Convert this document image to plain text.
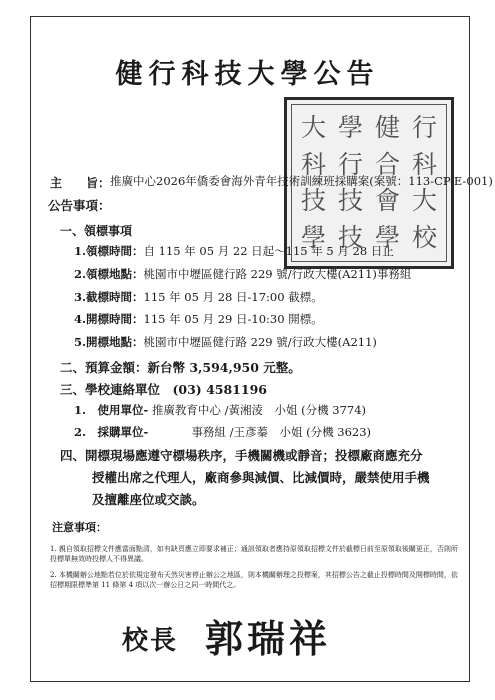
健行科技大學公告
大 學 健 行
科 行 合 科
技 技 會 大
學 技 學 校
主　　旨： 推廣中心2026年僑委會海外青年技術訓練班採購案(案號：113-CP-E-001)
公告事項：
一、領標事項
1.領標時間：自 115 年 05 月 22 日起～115 年 5 月 28 日止
2.領標地點：桃園市中壢區健行路 229 號/行政大樓(A211)事務組
3.截標時間：115 年 05 月 28 日-17:00 截標。
4.開標時間：115 年 05 月 29 日-10:30 開標。
5.開標地點：桃園市中壢區健行路 229 號/行政大樓(A211)
二、預算金額：新台幣 3,594,950 元整。
三、學校連絡單位　(03) 4581196
1.　使用單位- 推廣教育中心 /黃湘淩　小姐 (分機 3774)
2.　採購單位-	事務組 /王彥蓁　小姐 (分機 3623)
四、開標現場應遵守標場秩序，手機關機或靜音；投標廠商應充分
授權出席之代理人，廠商參與減價、比減價時，嚴禁使用手機
及擅離座位或交談。
注意事項：
1. 親自領取招標文件應當面點清，如有缺頁應立即要求補正；通訊領取者應持原領取招標文件於截標日前至原領取後關更正，否則所投標單無效時投標人不得異議。
2. 本機關辦公地點若位於依規定發布天然災害停止辦公之地區，則本機關辦理之投標案，其招標公告之截止投標時間及開標時間，依招標期限標準第 11 條第 4 項以次一辦公日之同一時間代之。
校長 郭瑞祥
